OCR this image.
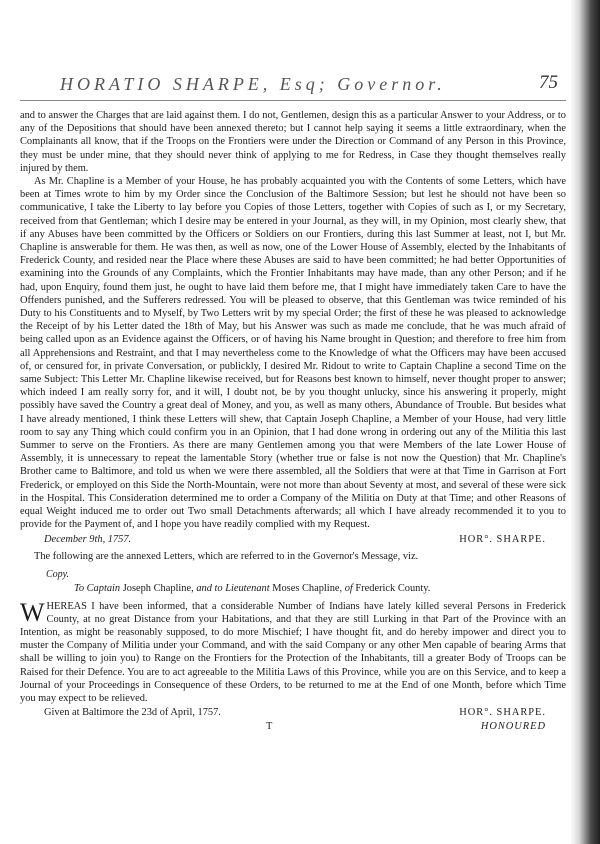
HORATIO SHARPE, Esq; Governor.	75

and to answer the Charges that are laid against them. I do not, Gentlemen, design this as a particular Answer to your Address, or to any of the Depositions that should have been annexed thereto; but I cannot help saying it seems a little extraordinary, when the Complainants all know, that if the Troops on the Frontiers were under the Direction or Command of any Person in this Province, they must be under mine, that they should never think of applying to me for Redress, in Case they thought themselves really injured by them.

As Mr. Chapline is a Member of your House, he has probably acquainted you with the Contents of some Letters, which have been at Times wrote to him by my Order since the Conclusion of the Baltimore Session; but lest he should not have been so communicative, I take the Liberty to lay before you Copies of those Letters, together with Copies of such as I, or my Secretary, received from that Gentleman; which I desire may be entered in your Journal, as they will, in my Opinion, most clearly shew, that if any Abuses have been committed by the Officers or Soldiers on our Frontiers, during this last Summer at least, not I, but Mr. Chapline is answerable for them. He was then, as well as now, one of the Lower House of Assembly, elected by the Inhabitants of Frederick County, and resided near the Place where these Abuses are said to have been committed; he had better Opportunities of examining into the Grounds of any Complaints, which the Frontier Inhabitants may have made, than any other Person; and if he had, upon Enquiry, found them just, he ought to have laid them before me, that I might have immediately taken Care to have the Offenders punished, and the Sufferers redressed. You will be pleased to observe, that this Gentleman was twice reminded of his Duty to his Constituents and to Myself, by Two Letters writ by my special Order; the first of these he was pleased to acknowledge the Receipt of by his Letter dated the 18th of May, but his Answer was such as made me conclude, that he was much afraid of being called upon as an Evidence against the Officers, or of having his Name brought in Question; and therefore to free him from all Apprehensions and Restraint, and that I may nevertheless come to the Knowledge of what the Officers may have been accused of, or censured for, in private Conversation, or publickly, I desired Mr. Ridout to write to Captain Chapline a second Time on the same Subject: This Letter Mr. Chapline likewise received, but for Reasons best known to himself, never thought proper to answer; which indeed I am really sorry for, and it will, I doubt not, be by you thought unlucky, since his answering it properly, might possibly have saved the Country a great deal of Money, and you, as well as many others, Abundance of Trouble. But besides what I have already mentioned, I think these Letters will shew, that Captain Joseph Chapline, a Member of your House, had very little room to say any Thing which could confirm you in an Opinion, that I had done wrong in ordering out any of the Militia this last Summer to serve on the Frontiers. As there are many Gentlemen among you that were Members of the late Lower House of Assembly, it is unnecessary to repeat the lamentable Story (whether true or false is not now the Question) that Mr. Chapline's Brother came to Baltimore, and told us when we were there assembled, all the Soldiers that were at that Time in Garrison at Fort Frederick, or employed on this Side the North-Mountain, were not more than about Seventy at most, and several of these were sick in the Hospital. This Consideration determined me to order a Company of the Militia on Duty at that Time; and other Reasons of equal Weight induced me to order out Two small Detachments afterwards; all which I have already recommended it to you to provide for the Payment of, and I hope you have readily complied with my Request.

December 9th, 1757.	HOR°. SHARPE.
The following are the annexed Letters, which are referred to in the Governor's Message, viz.
Copy.
To Captain Joseph Chapline, and to Lieutenant Moses Chapline, of Frederick County.
W HEREAS I have been informed, that a considerable Number of Indians have lately killed several Persons in Frederick County, at no great Distance from your Habitations, and that they are still Lurking in that Part of the Province with an Intention, as might be reasonably supposed, to do more Mischief; I have thought fit, and do hereby impower and direct you to muster the Company of Militia under your Command, and with the said Company or any other Men capable of bearing Arms that shall be willing to join you) to Range on the Frontiers for the Protection of the Inhabitants, till a greater Body of Troops can be Raised for their Defence. You are to act agreeable to the Militia Laws of this Province, while you are on this Service, and to keep a Journal of your Proceedings in Consequence of these Orders, to be returned to me at the End of one Month, before which Time you may expect to be relieved.
Given at Baltimore the 23d of April, 1757.	HOR°. SHARPE.
T	HONOURED
